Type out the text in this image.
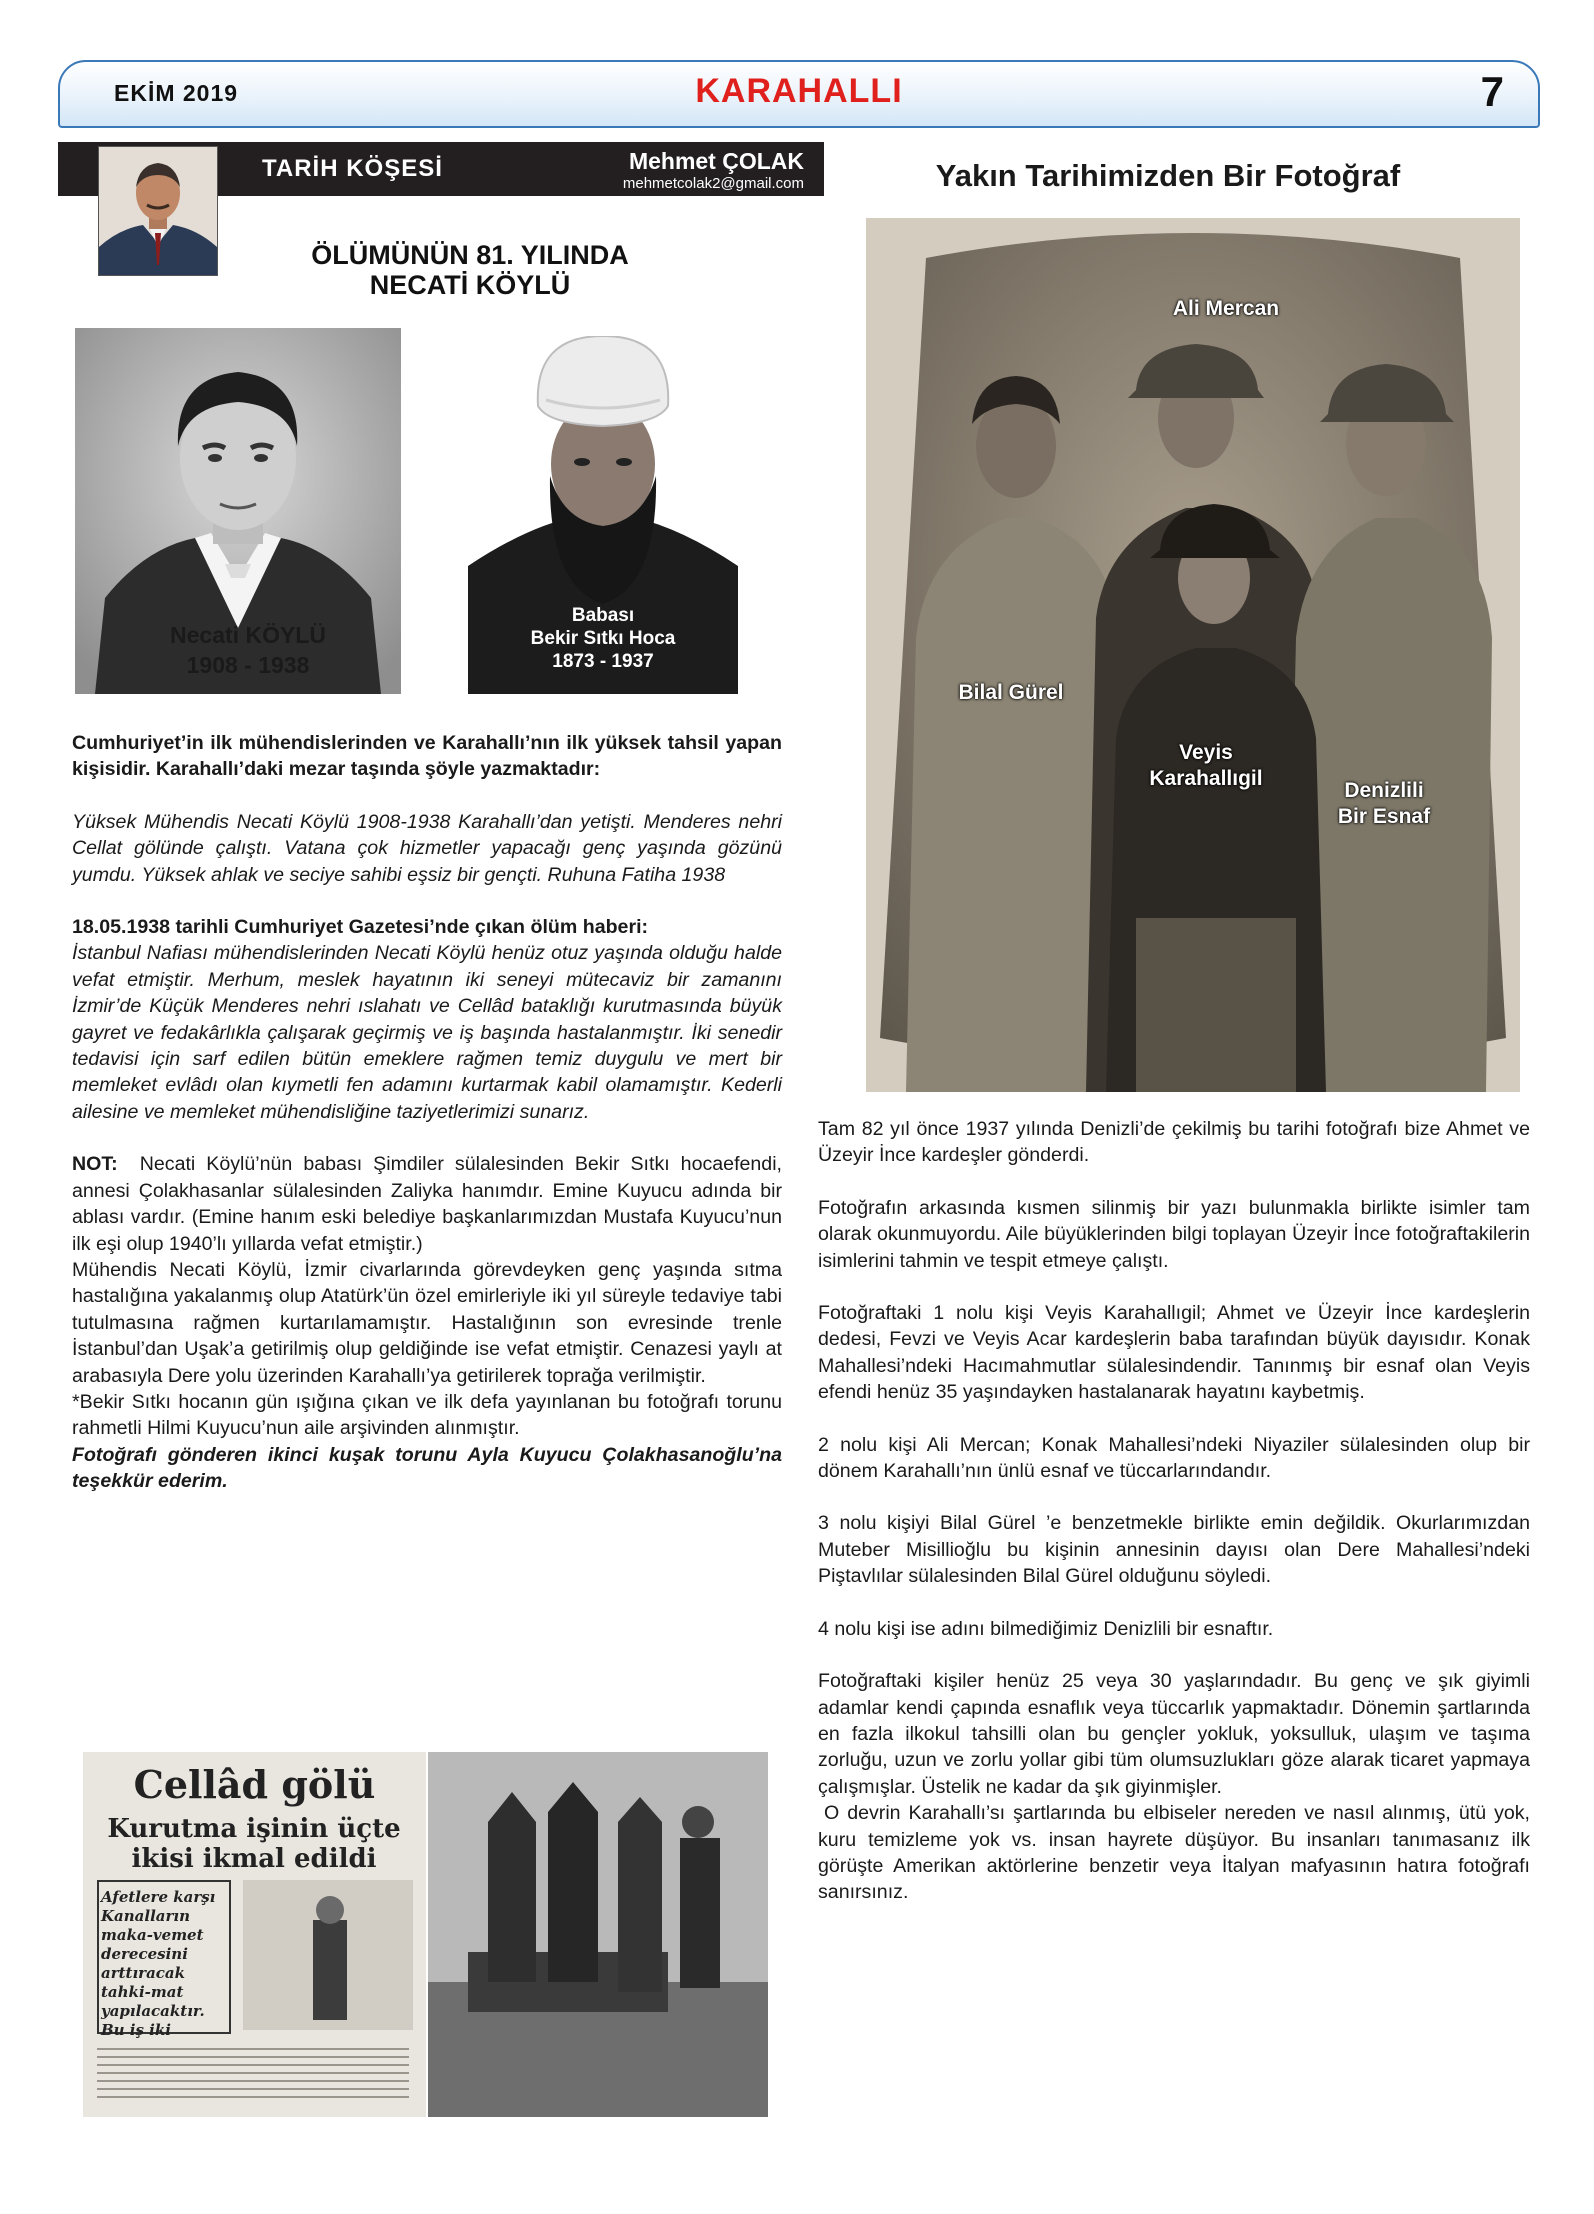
EKİM 2019	KARAHALLI	7
TARİH KÖŞESİ	Mehmet ÇOLAK
mehmetcolak2@gmail.com
ÖLÜMÜNÜN 81. YILINDA
NECATİ KÖYLÜ
Necati KÖYLÜ
1908 - 1938
Babası
Bekir Sıtkı Hoca
1873 - 1937

Cumhuriyet’in ilk mühendislerinden ve Karahallı’nın ilk yüksek tahsil yapan kişisidir. Karahallı’daki mezar taşında şöyle yazmaktadır:

Yüksek Mühendis Necati Köylü 1908-1938 Karahallı’dan yetişti. Menderes nehri Cellat gölünde çalıştı. Vatana çok hizmetler yapacağı genç yaşında gözünü yumdu. Yüksek ahlak ve seciye sahibi eşsiz bir gençti. Ruhuna Fatiha 1938

18.05.1938 tarihli Cumhuriyet Gazetesi’nde çıkan ölüm haberi:

İstanbul Nafiası mühendislerinden Necati Köylü henüz otuz yaşında olduğu halde vefat etmiştir. Merhum, meslek hayatının iki seneyi mütecaviz bir zamanını İzmir’de Küçük Menderes nehri ıslahatı ve Cellâd bataklığı kurutmasında büyük gayret ve fedakârlıkla çalışarak geçirmiş ve iş başında hastalanmıştır. İki senedir tedavisi için sarf edilen bütün emeklere rağmen temiz duygulu ve mert bir memleket evlâdı olan kıymetli fen adamını kurtarmak kabil olamamıştır. Kederli ailesine ve memleket mühendisliğine taziyetlerimizi sunarız.

NOT: Necati Köylü’nün babası Şimdiler sülalesinden Bekir Sıtkı hocaefendi, annesi Çolakhasanlar sülalesinden Zaliyka hanımdır. Emine Kuyucu adında bir ablası vardır. (Emine hanım eski belediye başkanlarımızdan Mustafa Kuyucu’nun ilk eşi olup 1940’lı yıllarda vefat etmiştir.)

Mühendis Necati Köylü, İzmir civarlarında görevdeyken genç yaşında sıtma hastalığına yakalanmış olup Atatürk’ün özel emirleriyle iki yıl süreyle tedaviye tabi tutulmasına rağmen kurtarılamamıştır. Hastalığının son evresinde trenle İstanbul’dan Uşak’a getirilmiş olup geldiğinde ise vefat etmiştir. Cenazesi yaylı at arabasıyla Dere yolu üzerinden Karahallı’ya getirilerek toprağa verilmiştir.

*Bekir Sıtkı hocanın gün ışığına çıkan ve ilk defa yayınlanan bu fotoğrafı torunu rahmetli Hilmi Kuyucu’nun aile arşivinden alınmıştır.

Fotoğrafı gönderen ikinci kuşak torunu Ayla Kuyucu Çolakhasanoğlu’na teşekkür ederim.

Cellâd gölü
Kurutma işinin üçte ikisi ikmal edildi
Afetlere karşı Kanalların maka-vemet derecesini arttıracak tahki-mat yapılacaktır. Bu iş iki
Yakın Tarihimizden Bir Fotoğraf
Ali Mercan
Bilal Gürel
Veyis
Karahallıgil
Denizlili
Bir Esnaf

Tam 82 yıl önce 1937 yılında Denizli’de çekilmiş bu tarihi fotoğrafı bize Ahmet ve Üzeyir İnce kardeşler gönderdi.

Fotoğrafın arkasında kısmen silinmiş bir yazı bulunmakla birlikte isimler tam olarak okunmuyordu. Aile büyüklerinden bilgi toplayan Üzeyir İnce fotoğraftakilerin isimlerini tahmin ve tespit etmeye çalıştı.

Fotoğraftaki 1 nolu kişi Veyis Karahallıgil; Ahmet ve Üzeyir İnce kardeşlerin dedesi, Fevzi ve Veyis Acar kardeşlerin baba tarafından büyük dayısıdır. Konak Mahallesi’ndeki Hacımahmutlar sülalesindendir. Tanınmış bir esnaf olan Veyis efendi henüz 35 yaşındayken hastalanarak hayatını kaybetmiş.

2 nolu kişi Ali Mercan; Konak Mahallesi’ndeki Niyaziler sülalesinden olup bir dönem Karahallı’nın ünlü esnaf ve tüccarlarındandır.

3 nolu kişiyi Bilal Gürel ’e benzetmekle birlikte emin değildik. Okurlarımızdan Muteber Misillioğlu bu kişinin annesinin dayısı olan Dere Mahallesi’ndeki Piştavlılar sülalesinden Bilal Gürel olduğunu söyledi.

4 nolu kişi ise adını bilmediğimiz Denizlili bir esnaftır.

Fotoğraftaki kişiler henüz 25 veya 30 yaşlarındadır. Bu genç ve şık giyimli adamlar kendi çapında esnaflık veya tüccarlık yapmaktadır. Dönemin şartlarında en fazla ilkokul tahsilli olan bu gençler yokluk, yoksulluk, ulaşım ve taşıma zorluğu, uzun ve zorlu yollar gibi tüm olumsuzlukları göze alarak ticaret yapmaya çalışmışlar. Üstelik ne kadar da şık giyinmişler.

O devrin Karahallı’sı şartlarında bu elbiseler nereden ve nasıl alınmış, ütü yok, kuru temizleme yok vs. insan hayrete düşüyor. Bu insanları tanımasanız ilk görüşte Amerikan aktörlerine benzetir veya İtalyan mafyasının hatıra fotoğrafı sanırsınız.
